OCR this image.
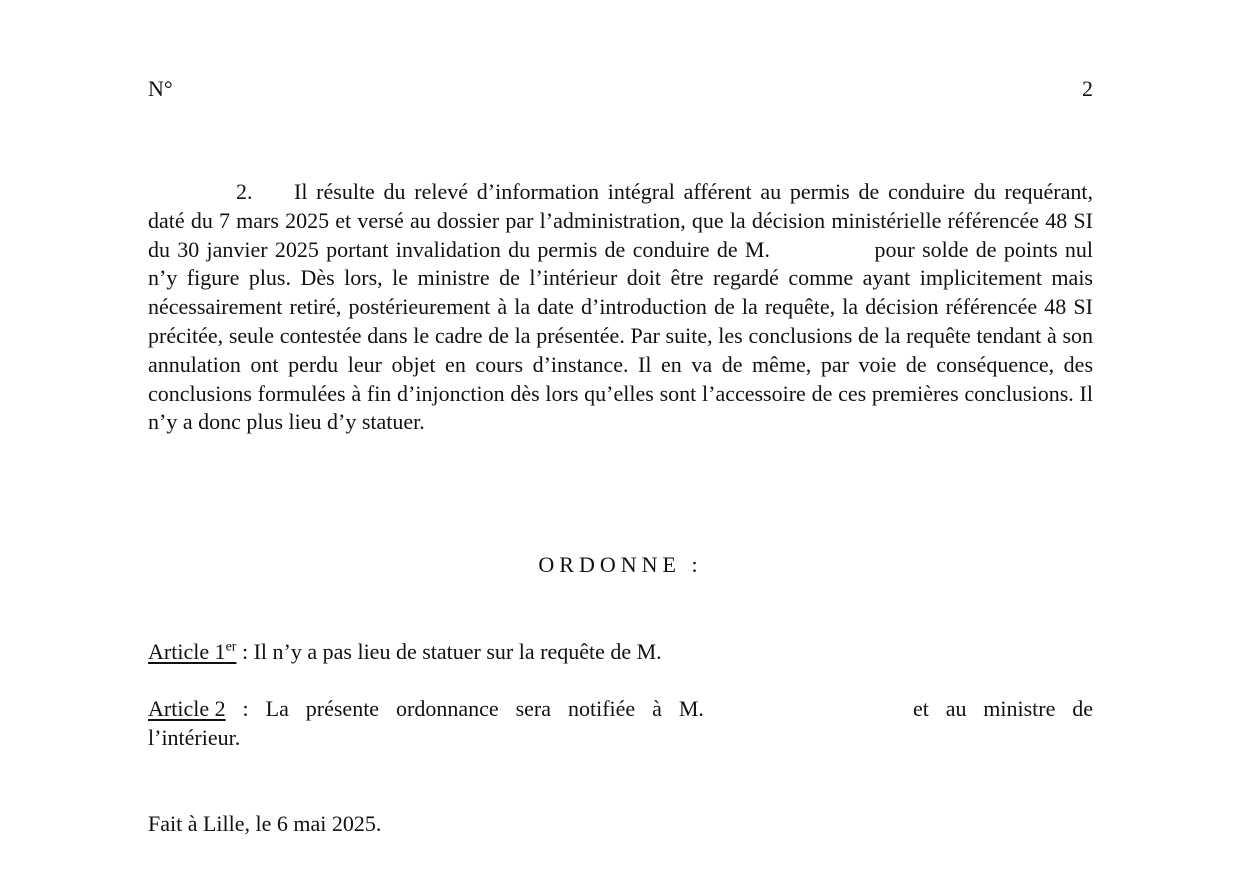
N°	2
2. Il résulte du relevé d’information intégral afférent au permis de conduire du requérant, daté du 7 mars 2025 et versé au dossier par l’administration, que la décision ministérielle référencée 48 SI du 30 janvier 2025 portant invalidation du permis de conduire de M.	pour solde de points nul n’y figure plus. Dès lors, le ministre de l’intérieur doit être regardé comme ayant implicitement mais nécessairement retiré, postérieurement à la date d’introduction de la requête, la décision référencée 48 SI précitée, seule contestée dans le cadre de la présentée. Par suite, les conclusions de la requête tendant à son annulation ont perdu leur objet en cours d’instance. Il en va de même, par voie de conséquence, des conclusions formulées à fin d’injonction dès lors qu’elles sont l’accessoire de ces premières conclusions. Il n’y a donc plus lieu d’y statuer.
ORDONNE :
Article 1er : Il n’y a pas lieu de statuer sur la requête de M.
Article 2 : La présente ordonnance sera notifiée à M.	et au ministre de
l’intérieur.
Fait à Lille, le 6 mai 2025.
